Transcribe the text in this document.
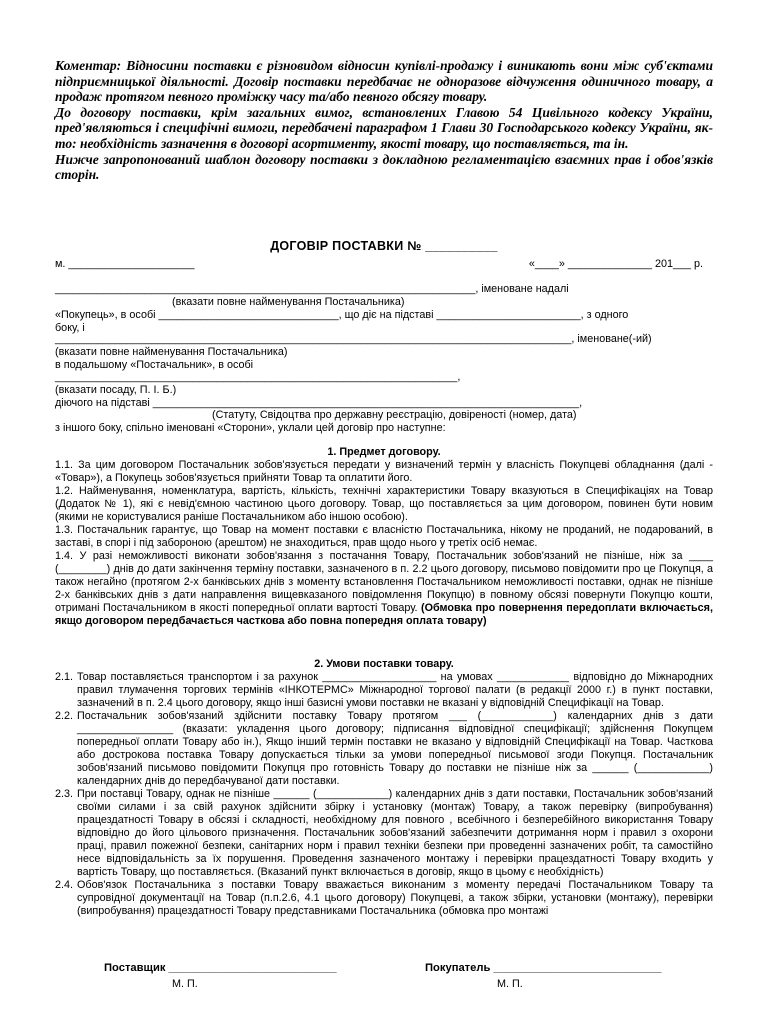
Коментар: Відносини поставки є різновидом відносин купівлі-продажу і виникають вони між суб'єктами підприємницької діяльності. Договір поставки передбачає не одноразове відчуження одиничного товару, а продаж протягом певного проміжку часу та/або певного обсягу товару.

До договору поставки, крім загальних вимог, встановлених Главою 54 Цивільного кодексу України, пред'являються і специфічні вимоги, передбачені параграфом 1 Глави 30 Господарського кодексу України, як-то: необхідність зазначення в договорі асортименту, якості товару, що поставляється, та ін.

Нижче запропонований шаблон договору поставки з докладною регламентацією взаємних прав і обов'язків сторін.

ДОГОВІР ПОСТАВКИ № __________
м. _____________________	«____» ______________ 201___ р.
______________________________________________________________________, іменоване надалі
(вказати повне найменування Постачальника)
«Покупець», в особі ______________________________, що діє на підставі ________________________, з одного
боку, і
______________________________________________________________________________________, іменоване(-ий)
(вказати повне найменування Постачальника)
в подальшому «Постачальник», в особі
___________________________________________________________________,
(вказати посаду, П. І. Б.)
діючого на підставі _______________________________________________________________________,
(Статуту, Свідоцтва про державну реєстрацію, довіреності (номер, дата)
з іншого боку, спільно іменовані «Сторони», уклали цей договір про наступне:

1. Предмет договору.

1.1. За цим договором Постачальник зобов'язується передати у визначений термін у власність Покупцеві обладнання (далі - «Товар»), а Покупець зобов'язується прийняти Товар та оплатити його.

1.2. Найменування, номенклатура, вартість, кількість, технічні характеристики Товару вказуються в Специфікаціях на Товар (Додаток № 1), які є невід'ємною частиною цього договору. Товар, що поставляється за цим договором, повинен бути новим (якими не користувалися раніше Постачальником або іншою особою).

1.3. Постачальник гарантує, що Товар на момент поставки є власністю Постачальника, нікому не проданий, не подарований, в заставі, в спорі і під забороною (арештом) не знаходиться, прав щодо нього у третіх осіб немає.

1.4. У разі неможливості виконати зобов'язання з постачання Товару, Постачальник зобов'язаний не пізніше, ніж за ____ (________) днів до дати закінчення терміну поставки, зазначеного в п. 2.2 цього договору, письмово повідомити про це Покупця, а також негайно (протягом 2-х банківських днів з моменту встановлення Постачальником неможливості поставки, однак не пізніше 2-х банківських днів з дати направлення вищевказаного повідомлення Покупцю) в повному обсязі повернути Покупцю кошти, отримані Постачальником в якості попередньої оплати вартості Товару. (Обмовка про повернення передоплати включається, якщо договором передбачається часткова або повна попередня оплата товару)

2. Умови поставки товару.

2.1. Товар поставляється транспортом і за рахунок ___________________ на умовах ____________ відповідно до Міжнародних правил тлумачення торгових термінів «ІНКОТЕРМС» Міжнародної торгової палати (в редакції 2000 г.) в пункт поставки, зазначений в п. 2.4 цього договору, якщо інші базисні умови поставки не вказані у відповідній Специфікації на Товар.
2.2. Постачальник зобов'язаний здійснити поставку Товару протягом ___ (____________) календарних днів з дати ________________ (вказати: укладення цього договору; підписання відповідної специфікації; здійснення Покупцем попередньої оплати Товару або ін.), Якщо інший термін поставки не вказано у відповідній Специфікації на Товар. Часткова або дострокова поставка Товару допускається тільки за умови попередньої письмової згоди Покупця. Постачальник зобов'язаний письмово повідомити Покупця про готовність Товару до поставки не пізніше ніж за ______ (____________) календарних днів до передбачуваної дати поставки.
2.3. При поставці Товару, однак не пізніше ______ (____________) календарних днів з дати поставки, Постачальник зобов'язаний своїми силами і за свій рахунок здійснити збірку і установку (монтаж) Товару, а також перевірку (випробування) працездатності Товару в обсязі і складності, необхідному для повного , всебічного і безперебійного використання Товару відповідно до його цільового призначення. Постачальник зобов'язаний забезпечити дотримання норм і правил з охорони праці, правил пожежної безпеки, санітарних норм і правил техніки безпеки при проведенні зазначених робіт, та самостійно несе відповідальність за їх порушення. Проведення зазначеного монтажу і перевірки працездатності Товару входить у вартість Товару, що поставляється. (Вказаний пункт включається в договір, якщо в цьому є необхідність)
2.4. Обов'язок Постачальника з поставки Товару вважається виконаним з моменту передачі Постачальником Товару та супровідної документації на Товар (п.п.2.6, 4.1 цього договору) Покупцеві, а також збірки, установки (монтажу), перевірки (випробування) працездатності Товару представниками Постачальника (обмовка про монтажі
Поставщик ___________________________	Покупатель ___________________________
М. П.	М. П.
